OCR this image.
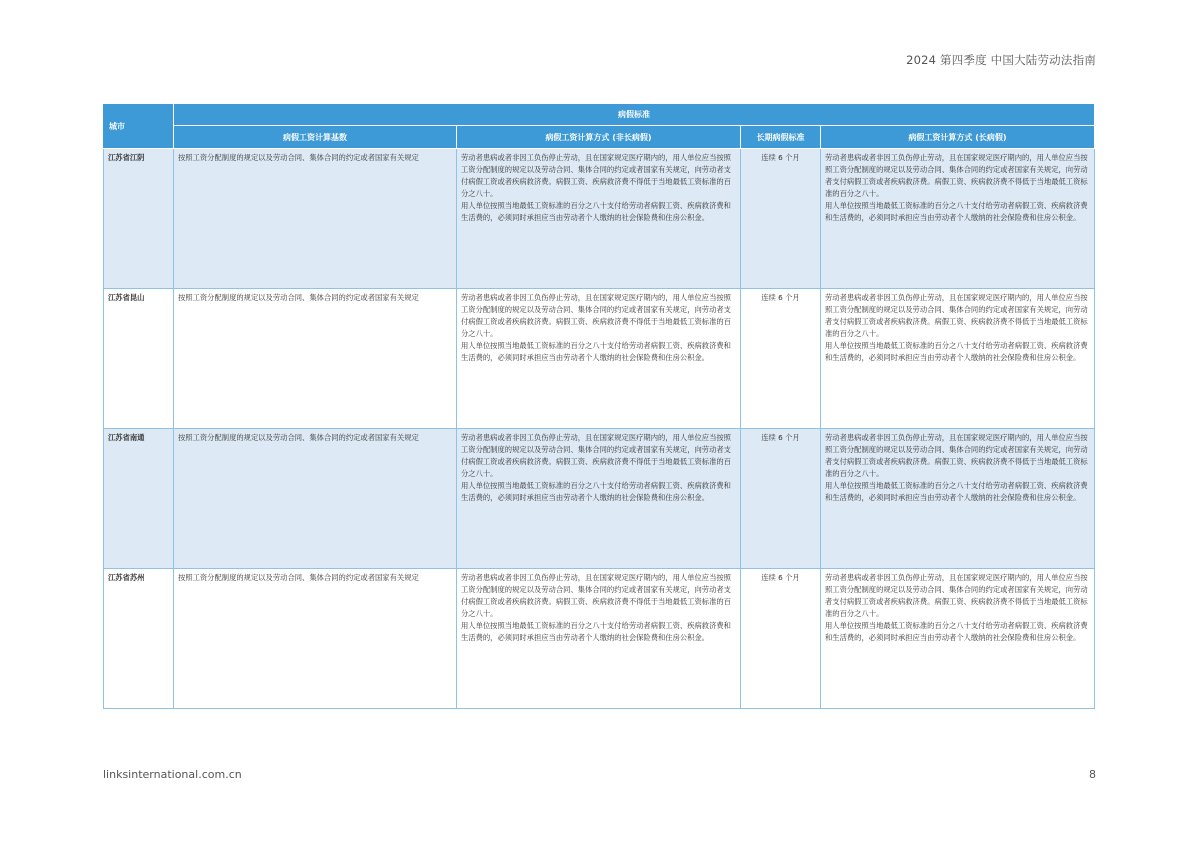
2024 第四季度 中国大陆劳动法指南
城市	病假标准			
	病假工资计算基数	病假工资计算方式 (非长病假)	长期病假标准	病假工资计算方式 (长病假)
江苏省江阴	按照工资分配制度的规定以及劳动合同、集体合同的约定或者国家有关规定	劳动者患病或者非因工负伤停止劳动，且在国家规定医疗期内的，用人单位应当按照工资分配制度的规定以及劳动合同、集体合同的约定或者国家有关规定，向劳动者支付病假工资或者疾病救济费。病假工资、疾病救济费不得低于当地最低工资标准的百分之八十。
用人单位按照当地最低工资标准的百分之八十支付给劳动者病假工资、疾病救济费和生活费的，必须同时承担应当由劳动者个人缴纳的社会保险费和住房公积金。	连续 6 个月	劳动者患病或者非因工负伤停止劳动，且在国家规定医疗期内的，用人单位应当按照工资分配制度的规定以及劳动合同、集体合同的约定或者国家有关规定，向劳动者支付病假工资或者疾病救济费。病假工资、疾病救济费不得低于当地最低工资标准的百分之八十。
用人单位按照当地最低工资标准的百分之八十支付给劳动者病假工资、疾病救济费和生活费的，必须同时承担应当由劳动者个人缴纳的社会保险费和住房公积金。

江苏省昆山	按照工资分配制度的规定以及劳动合同、集体合同的约定或者国家有关规定	劳动者患病或者非因工负伤停止劳动，且在国家规定医疗期内的，用人单位应当按照工资分配制度的规定以及劳动合同、集体合同的约定或者国家有关规定，向劳动者支付病假工资或者疾病救济费。病假工资、疾病救济费不得低于当地最低工资标准的百分之八十。
用人单位按照当地最低工资标准的百分之八十支付给劳动者病假工资、疾病救济费和生活费的，必须同时承担应当由劳动者个人缴纳的社会保险费和住房公积金。	连续 6 个月	劳动者患病或者非因工负伤停止劳动，且在国家规定医疗期内的，用人单位应当按照工资分配制度的规定以及劳动合同、集体合同的约定或者国家有关规定，向劳动者支付病假工资或者疾病救济费。病假工资、疾病救济费不得低于当地最低工资标准的百分之八十。
用人单位按照当地最低工资标准的百分之八十支付给劳动者病假工资、疾病救济费和生活费的，必须同时承担应当由劳动者个人缴纳的社会保险费和住房公积金。

江苏省南通	按照工资分配制度的规定以及劳动合同、集体合同的约定或者国家有关规定	劳动者患病或者非因工负伤停止劳动，且在国家规定医疗期内的，用人单位应当按照工资分配制度的规定以及劳动合同、集体合同的约定或者国家有关规定，向劳动者支付病假工资或者疾病救济费。病假工资、疾病救济费不得低于当地最低工资标准的百分之八十。
用人单位按照当地最低工资标准的百分之八十支付给劳动者病假工资、疾病救济费和生活费的，必须同时承担应当由劳动者个人缴纳的社会保险费和住房公积金。	连续 6 个月	劳动者患病或者非因工负伤停止劳动，且在国家规定医疗期内的，用人单位应当按照工资分配制度的规定以及劳动合同、集体合同的约定或者国家有关规定，向劳动者支付病假工资或者疾病救济费。病假工资、疾病救济费不得低于当地最低工资标准的百分之八十。
用人单位按照当地最低工资标准的百分之八十支付给劳动者病假工资、疾病救济费和生活费的，必须同时承担应当由劳动者个人缴纳的社会保险费和住房公积金。

江苏省苏州	按照工资分配制度的规定以及劳动合同、集体合同的约定或者国家有关规定	劳动者患病或者非因工负伤停止劳动，且在国家规定医疗期内的，用人单位应当按照工资分配制度的规定以及劳动合同、集体合同的约定或者国家有关规定，向劳动者支付病假工资或者疾病救济费。病假工资、疾病救济费不得低于当地最低工资标准的百分之八十。
用人单位按照当地最低工资标准的百分之八十支付给劳动者病假工资、疾病救济费和生活费的，必须同时承担应当由劳动者个人缴纳的社会保险费和住房公积金。	连续 6 个月	劳动者患病或者非因工负伤停止劳动，且在国家规定医疗期内的，用人单位应当按照工资分配制度的规定以及劳动合同、集体合同的约定或者国家有关规定，向劳动者支付病假工资或者疾病救济费。病假工资、疾病救济费不得低于当地最低工资标准的百分之八十。
用人单位按照当地最低工资标准的百分之八十支付给劳动者病假工资、疾病救济费和生活费的，必须同时承担应当由劳动者个人缴纳的社会保险费和住房公积金。
linksinternational.com.cn	8
